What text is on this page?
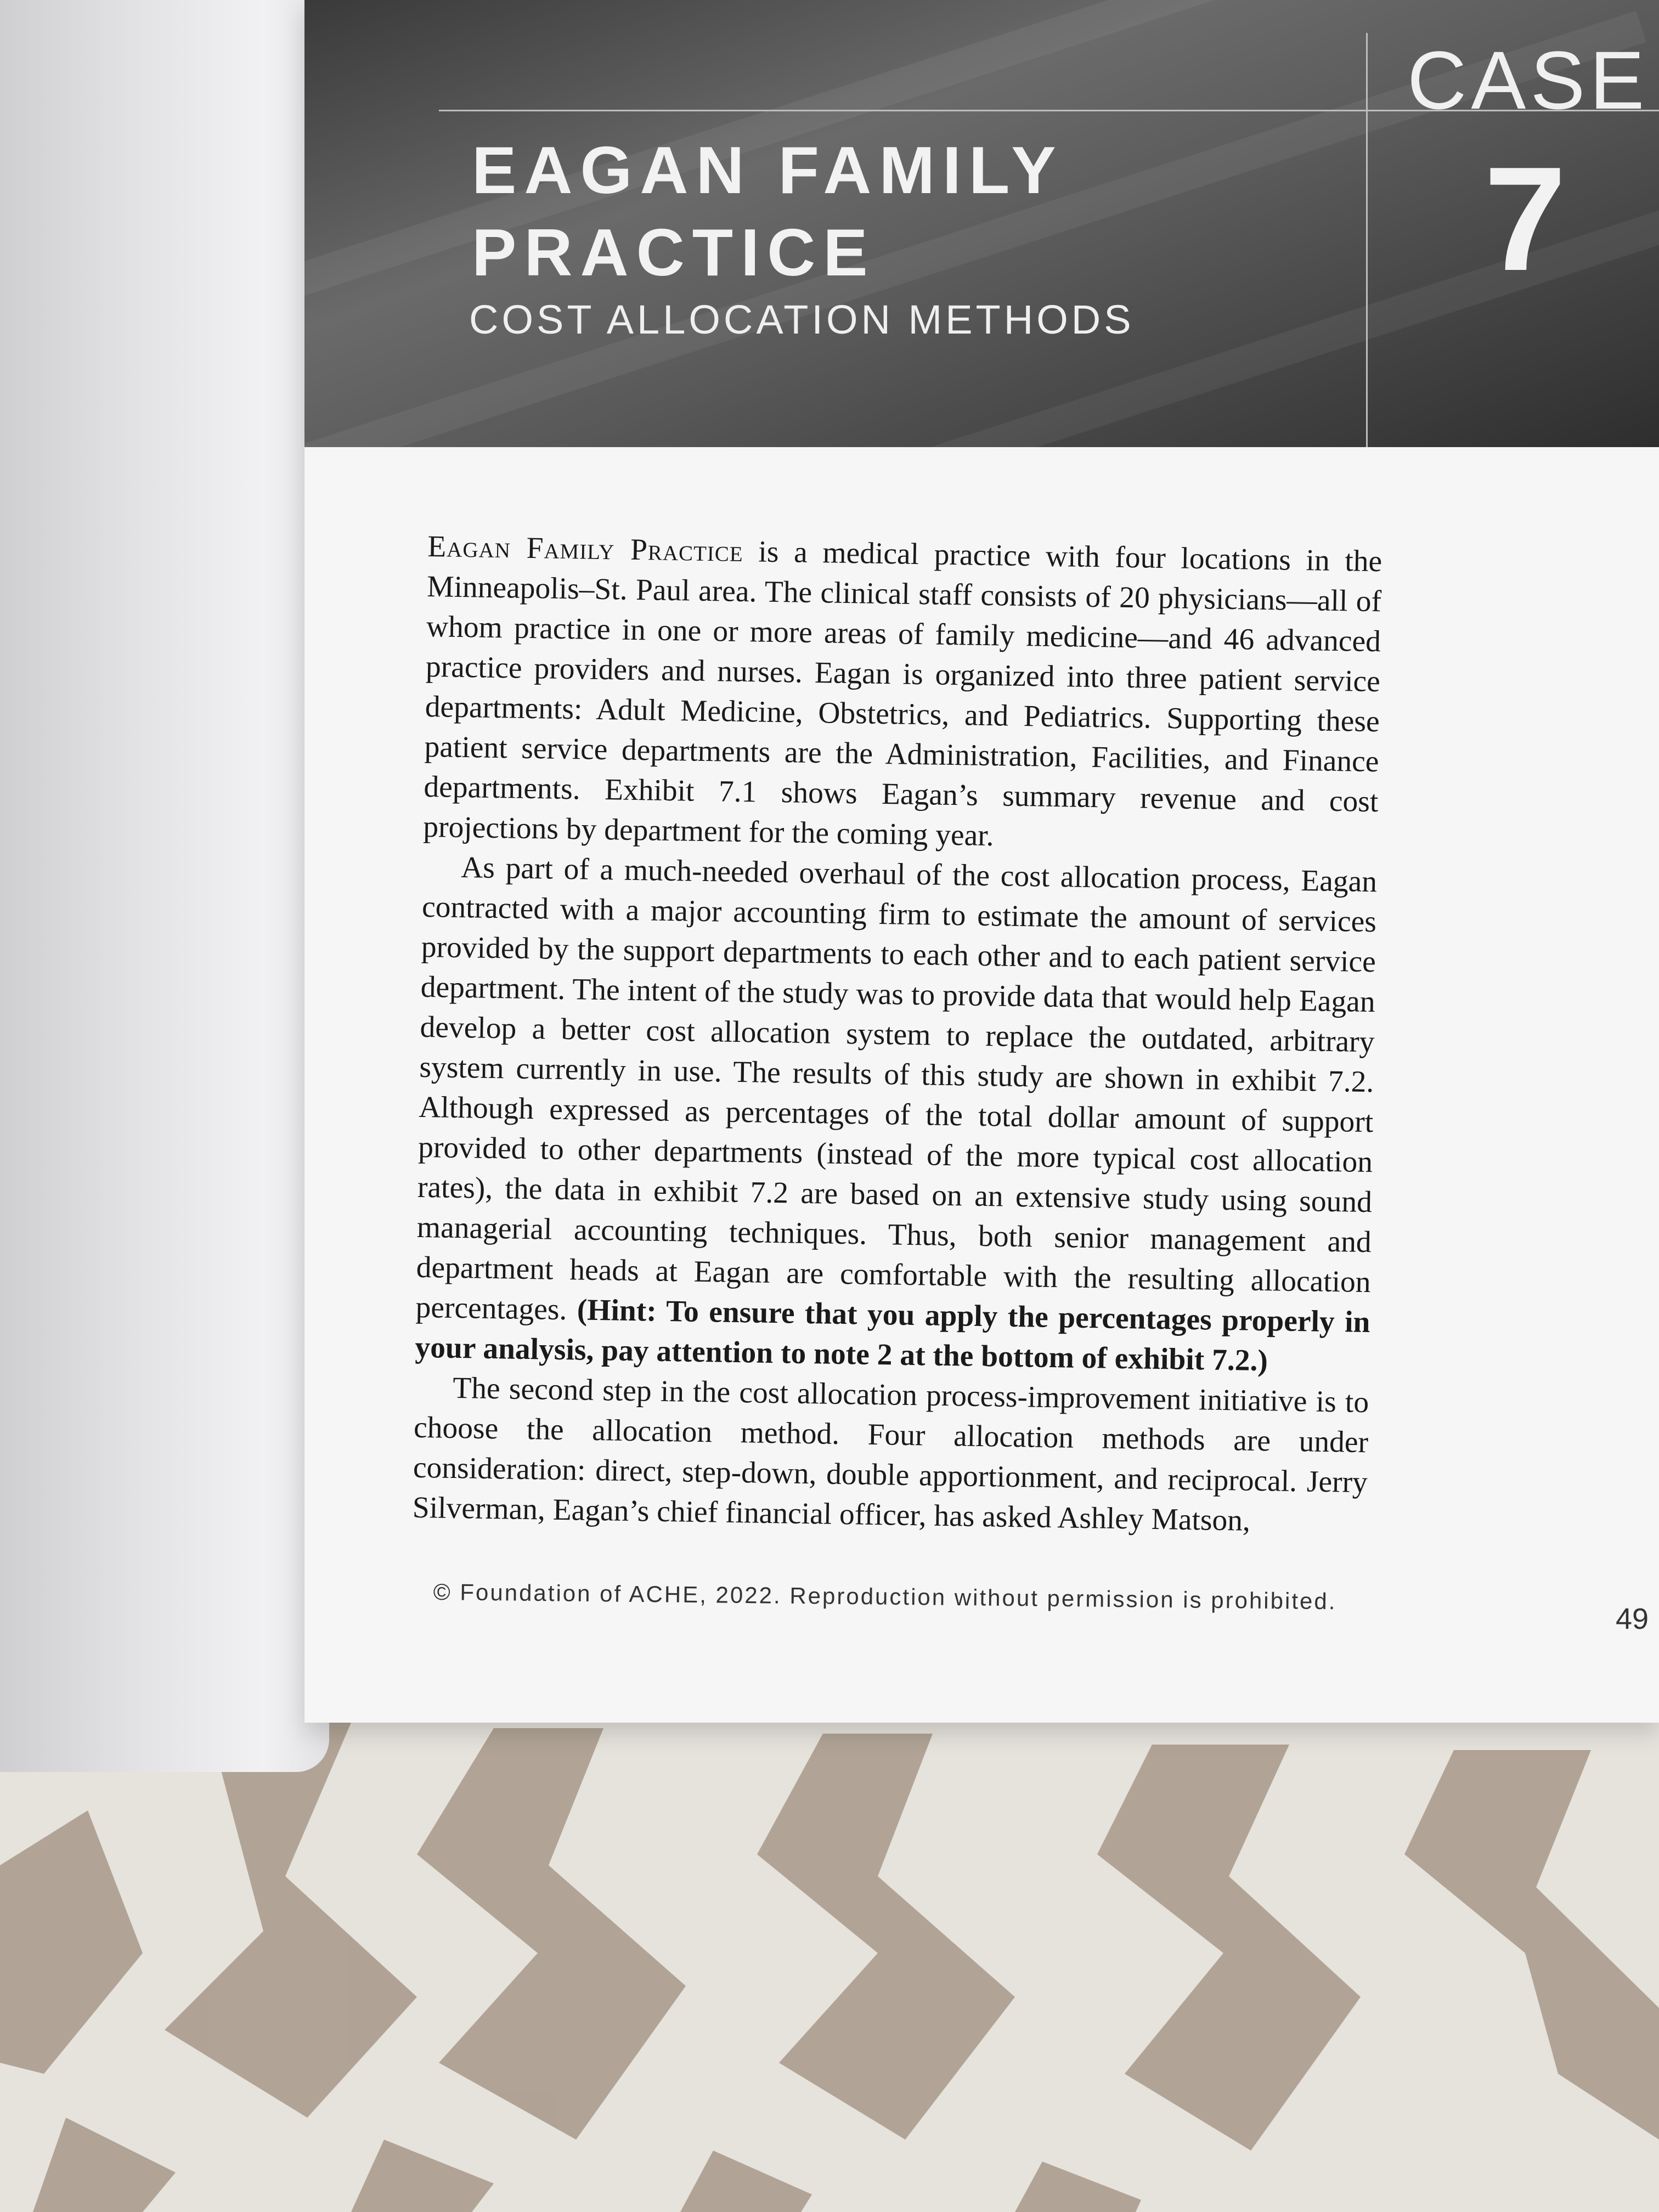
EAGAN FAMILY
PRACTICE
COST ALLOCATION METHODS
CASE
7

Eagan Family Practice is a medical practice with four locations in the Minneapolis–St. Paul area. The clinical staff consists of 20 physicians—all of whom practice in one or more areas of family medicine—and 46 advanced practice providers and nurses. Eagan is organized into three patient service departments: Adult Medicine, Obstetrics, and Pediatrics. Supporting these patient service departments are the Administration, Facilities, and Finance departments. Exhibit 7.1 shows Eagan’s summary revenue and cost projections by department for the coming year.

As part of a much-needed overhaul of the cost allocation process, Eagan contracted with a major accounting firm to estimate the amount of services provided by the support departments to each other and to each patient service department. The intent of the study was to provide data that would help Eagan develop a better cost allocation system to replace the outdated, arbitrary system currently in use. The results of this study are shown in exhibit 7.2. Although expressed as percentages of the total dollar amount of support provided to other departments (instead of the more typical cost allocation rates), the data in exhibit 7.2 are based on an extensive study using sound managerial accounting techniques. Thus, both senior management and department heads at Eagan are comfortable with the resulting allocation percentages. (Hint: To ensure that you apply the percentages properly in your analysis, pay attention to note 2 at the bottom of exhibit 7.2.)

The second step in the cost allocation process-improvement initiative is to choose the allocation method. Four allocation methods are under consideration: direct, step-down, double apportionment, and reciprocal. Jerry Silverman, Eagan’s chief financial officer, has asked Ashley Matson,

© Foundation of ACHE, 2022. Reproduction without permission is prohibited.
49
